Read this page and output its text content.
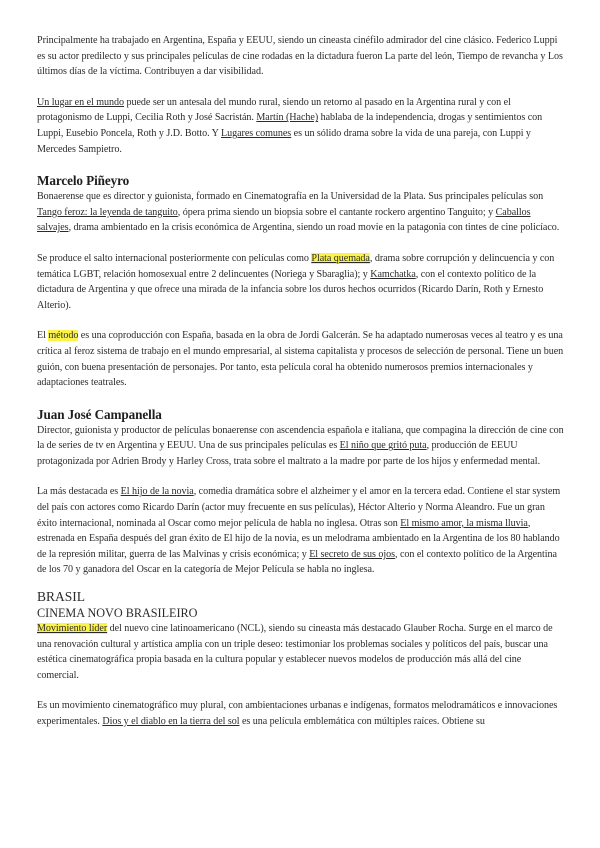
Principalmente ha trabajado en Argentina, España y EEUU, siendo un cineasta cinéfilo admirador del cine clásico. Federico Luppi es su actor predilecto y sus principales películas de cine rodadas en la dictadura fueron La parte del león, Tiempo de revancha y Los últimos días de la víctima. Contribuyen a dar visibilidad.

Un lugar en el mundo puede ser un antesala del mundo rural, siendo un retorno al pasado en la Argentina rural y con el protagonismo de Luppi, Cecilia Roth y José Sacristán. Martín (Hache) hablaba de la independencia, drogas y sentimientos con Luppi, Eusebio Poncela, Roth y J.D. Botto. Y Lugares comunes es un sólido drama sobre la vida de una pareja, con Luppi y Mercedes Sampietro.

Marcelo Piñeyro

Bonaerense que es director y guionista, formado en Cinematografía en la Universidad de la Plata. Sus principales películas son Tango feroz: la leyenda de tanguito, ópera prima siendo un biopsia sobre el cantante rockero argentino Tanguito; y Caballos salvajes, drama ambientado en la crisis económica de Argentina, siendo un road movie en la patagonia con tintes de cine policíaco.

Se produce el salto internacional posteriormente con películas como Plata quemada, drama sobre corrupción y delincuencia y con temática LGBT, relación homosexual entre 2 delincuentes (Noriega y Sbaraglia); y Kamchatka, con el contexto político de la dictadura de Argentina y que ofrece una mirada de la infancia sobre los duros hechos ocurridos (Ricardo Darín, Roth y Ernesto Alterio).

El método es una coproducción con España, basada en la obra de Jordi Galcerán. Se ha adaptado numerosas veces al teatro y es una crítica al feroz sistema de trabajo en el mundo empresarial, al sistema capitalista y procesos de selección de personal. Tiene un buen guión, con buena presentación de personajes. Por tanto, esta película coral ha obtenido numerosos premios internacionales y adaptaciones teatrales.

Juan José Campanella

Director, guionista y productor de películas bonaerense con ascendencia española e italiana, que compagina la dirección de cine con la de series de tv en Argentina y EEUU. Una de sus principales películas es El niño que gritó puta, producción de EEUU protagonizada por Adrien Brody y Harley Cross, trata sobre el maltrato a la madre por parte de los hijos y enfermedad mental.

La más destacada es El hijo de la novia, comedia dramática sobre el alzheimer y el amor en la tercera edad. Contiene el star system del país con actores como Ricardo Darín (actor muy frecuente en sus películas), Héctor Alterio y Norma Aleandro. Fue un gran éxito internacional, nominada al Oscar como mejor película de habla no inglesa. Otras son El mismo amor, la misma lluvia, estrenada en España después del gran éxito de El hijo de la novia, es un melodrama ambientado en la Argentina de los 80 hablando de la represión militar, guerra de las Malvinas y crisis económica; y El secreto de sus ojos, con el contexto político de la Argentina de los 70 y ganadora del Oscar en la categoría de Mejor Película se habla no inglesa.

BRASIL
CINEMA NOVO BRASILEIRO

Movimiento líder del nuevo cine latinoamericano (NCL), siendo su cineasta más destacado Glauber Rocha. Surge en el marco de una renovación cultural y artística amplia con un triple deseo: testimoniar los problemas sociales y políticos del país, buscar una estética cinematográfica propia basada en la cultura popular y establecer nuevos modelos de producción más allá del cine comercial.

Es un movimiento cinematográfico muy plural, con ambientaciones urbanas e indígenas, formatos melodramáticos e innovaciones experimentales. Dios y el diablo en la tierra del sol es una película emblemática con múltiples raíces. Obtiene su
